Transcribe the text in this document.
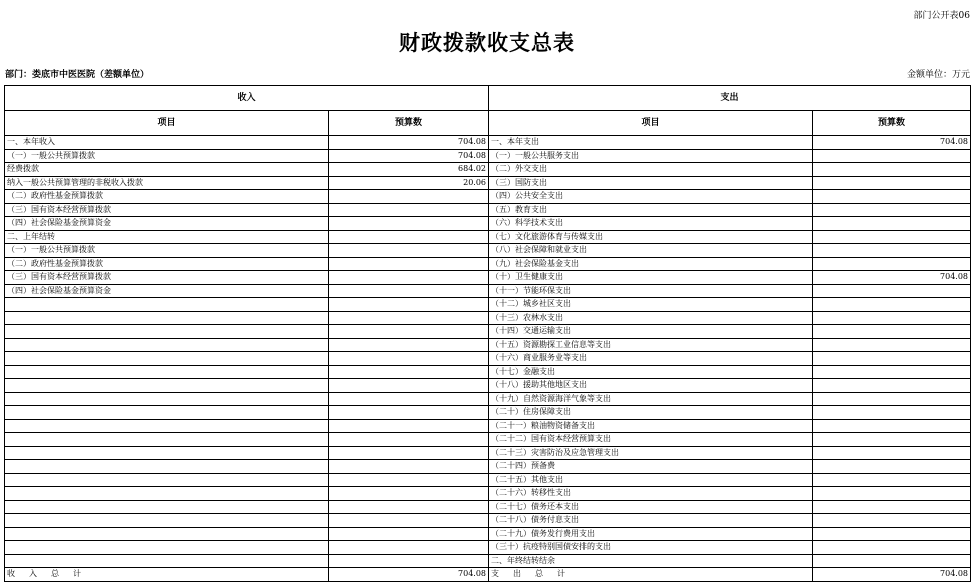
部门公开表06
财政拨款收支总表
部门：娄底市中医医院（差额单位）	金额单位：万元
收入		支出	
项目	预算数	项目	预算数
一、本年收入	704.08	一、本年支出	704.08
（一）一般公共预算拨款	704.08	（一）一般公共服务支出	
经费拨款	684.02	（二）外交支出	
纳入一般公共预算管理的非税收入拨款	20.06	（三）国防支出	
（二）政府性基金预算拨款		（四）公共安全支出	
（三）国有资本经营预算拨款		（五）教育支出	
（四）社会保险基金预算资金		（六）科学技术支出	
二、上年结转		（七）文化旅游体育与传媒支出	
（一）一般公共预算拨款		（八）社会保障和就业支出	
（二）政府性基金预算拨款		（九）社会保险基金支出	
（三）国有资本经营预算拨款		（十）卫生健康支出	704.08
（四）社会保险基金预算资金		（十一）节能环保支出	
		（十二）城乡社区支出	
		（十三）农林水支出	
		（十四）交通运输支出	
		（十五）资源勘探工业信息等支出	
		（十六）商业服务业等支出	
		（十七）金融支出	
		（十八）援助其他地区支出	
		（十九）自然资源海洋气象等支出	
		（二十）住房保障支出	
		（二十一）粮油物资储备支出	
		（二十二）国有资本经营预算支出	
		（二十三）灾害防治及应急管理支出	
		（二十四）预备费	
		（二十五）其他支出	
		（二十六）转移性支出	
		（二十七）债务还本支出	
		（二十八）债务付息支出	
		（二十九）债务发行费用支出	
		（三十）抗疫特别国债安排的支出	
		二、年终结转结余	
收入总计	704.08	支出总计	704.08
